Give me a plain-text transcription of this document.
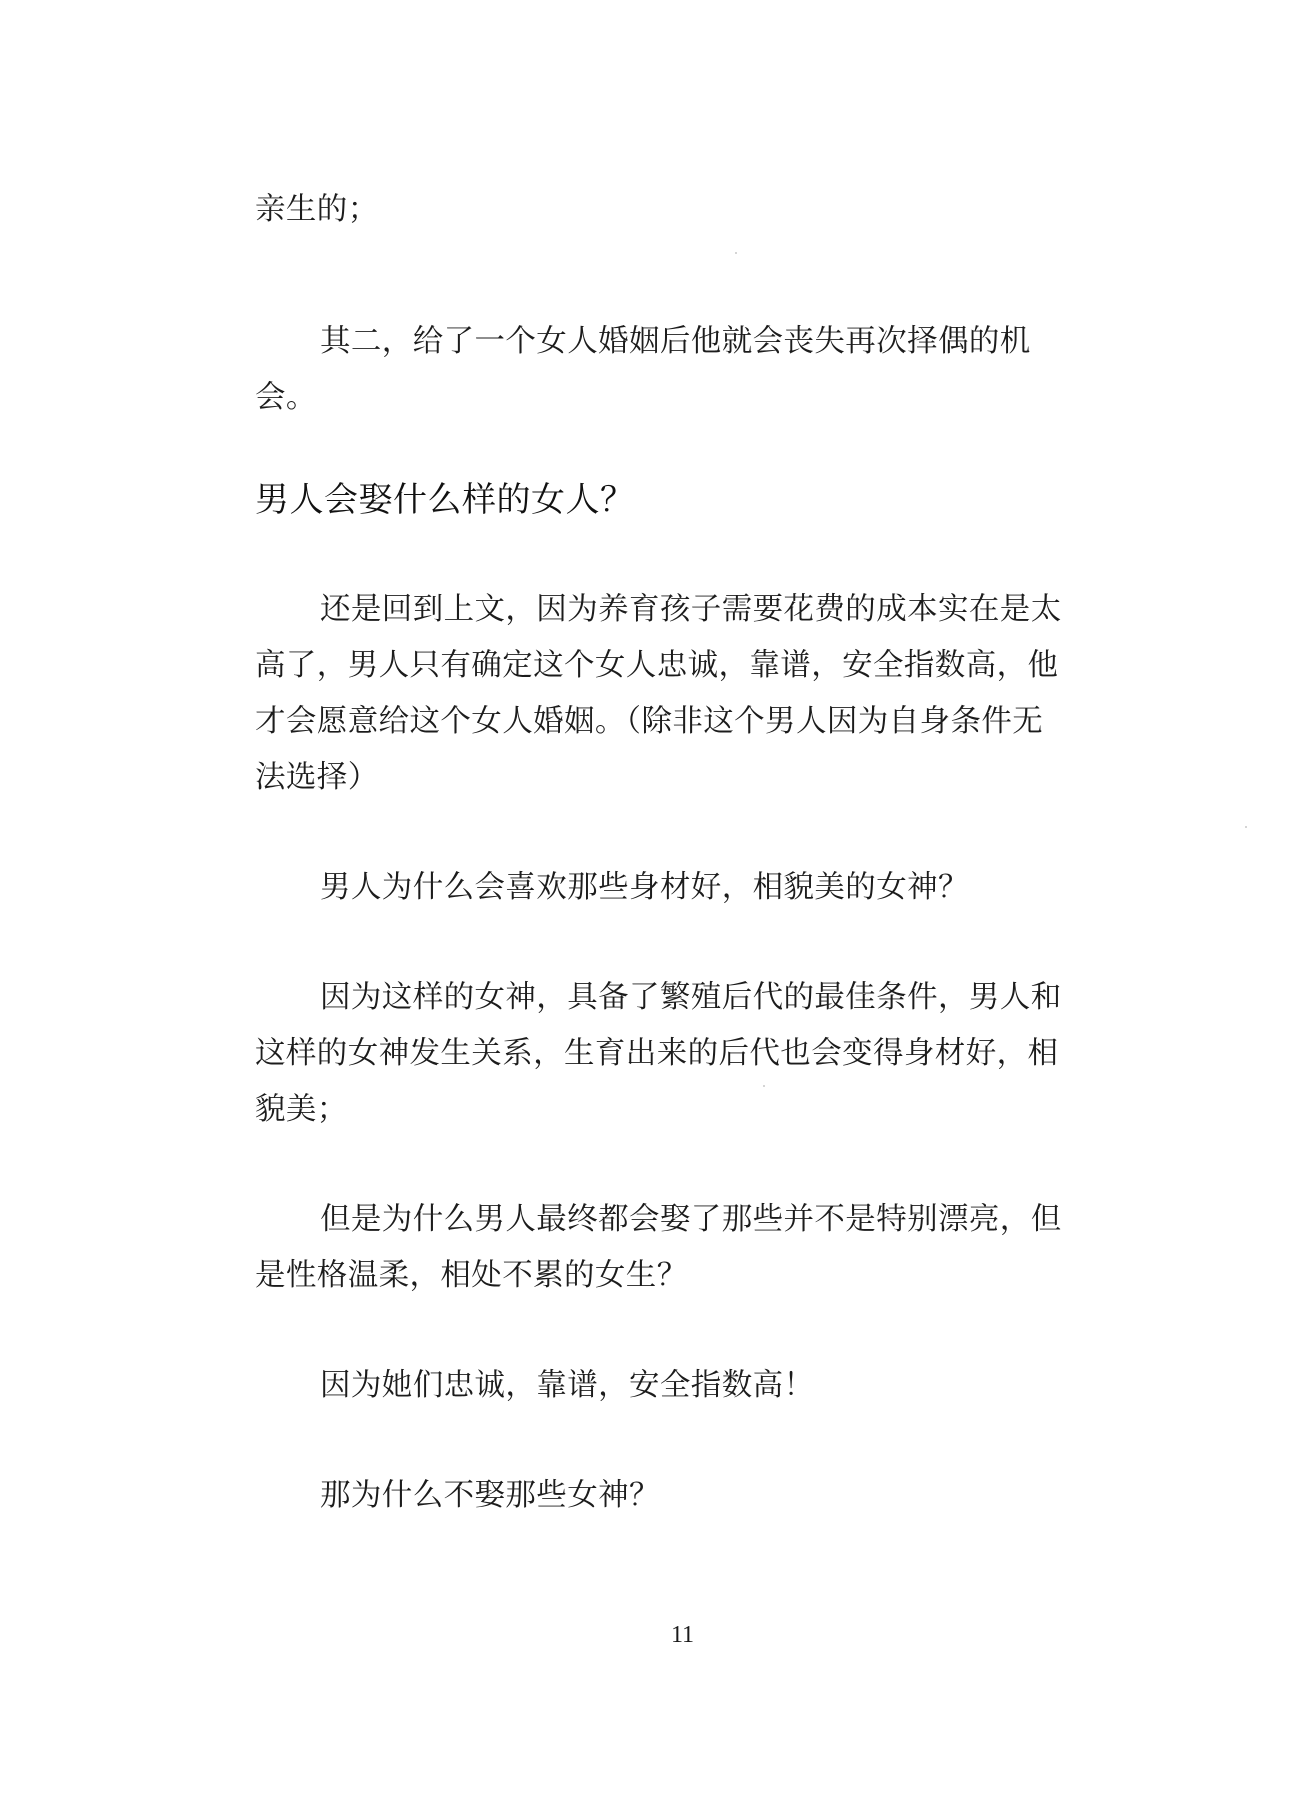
亲生的；
其二，给了一个女人婚姻后他就会丧失再次择偶的机
会。
男人会娶什么样的女人？
还是回到上文，因为养育孩子需要花费的成本实在是太
高了，男人只有确定这个女人忠诚，靠谱，安全指数高，他
才会愿意给这个女人婚姻。（除非这个男人因为自身条件无
法选择）
男人为什么会喜欢那些身材好，相貌美的女神？
因为这样的女神，具备了繁殖后代的最佳条件，男人和
这样的女神发生关系，生育出来的后代也会变得身材好，相
貌美；
但是为什么男人最终都会娶了那些并不是特别漂亮，但
是性格温柔，相处不累的女生？
因为她们忠诚，靠谱，安全指数高！
那为什么不娶那些女神？
11
